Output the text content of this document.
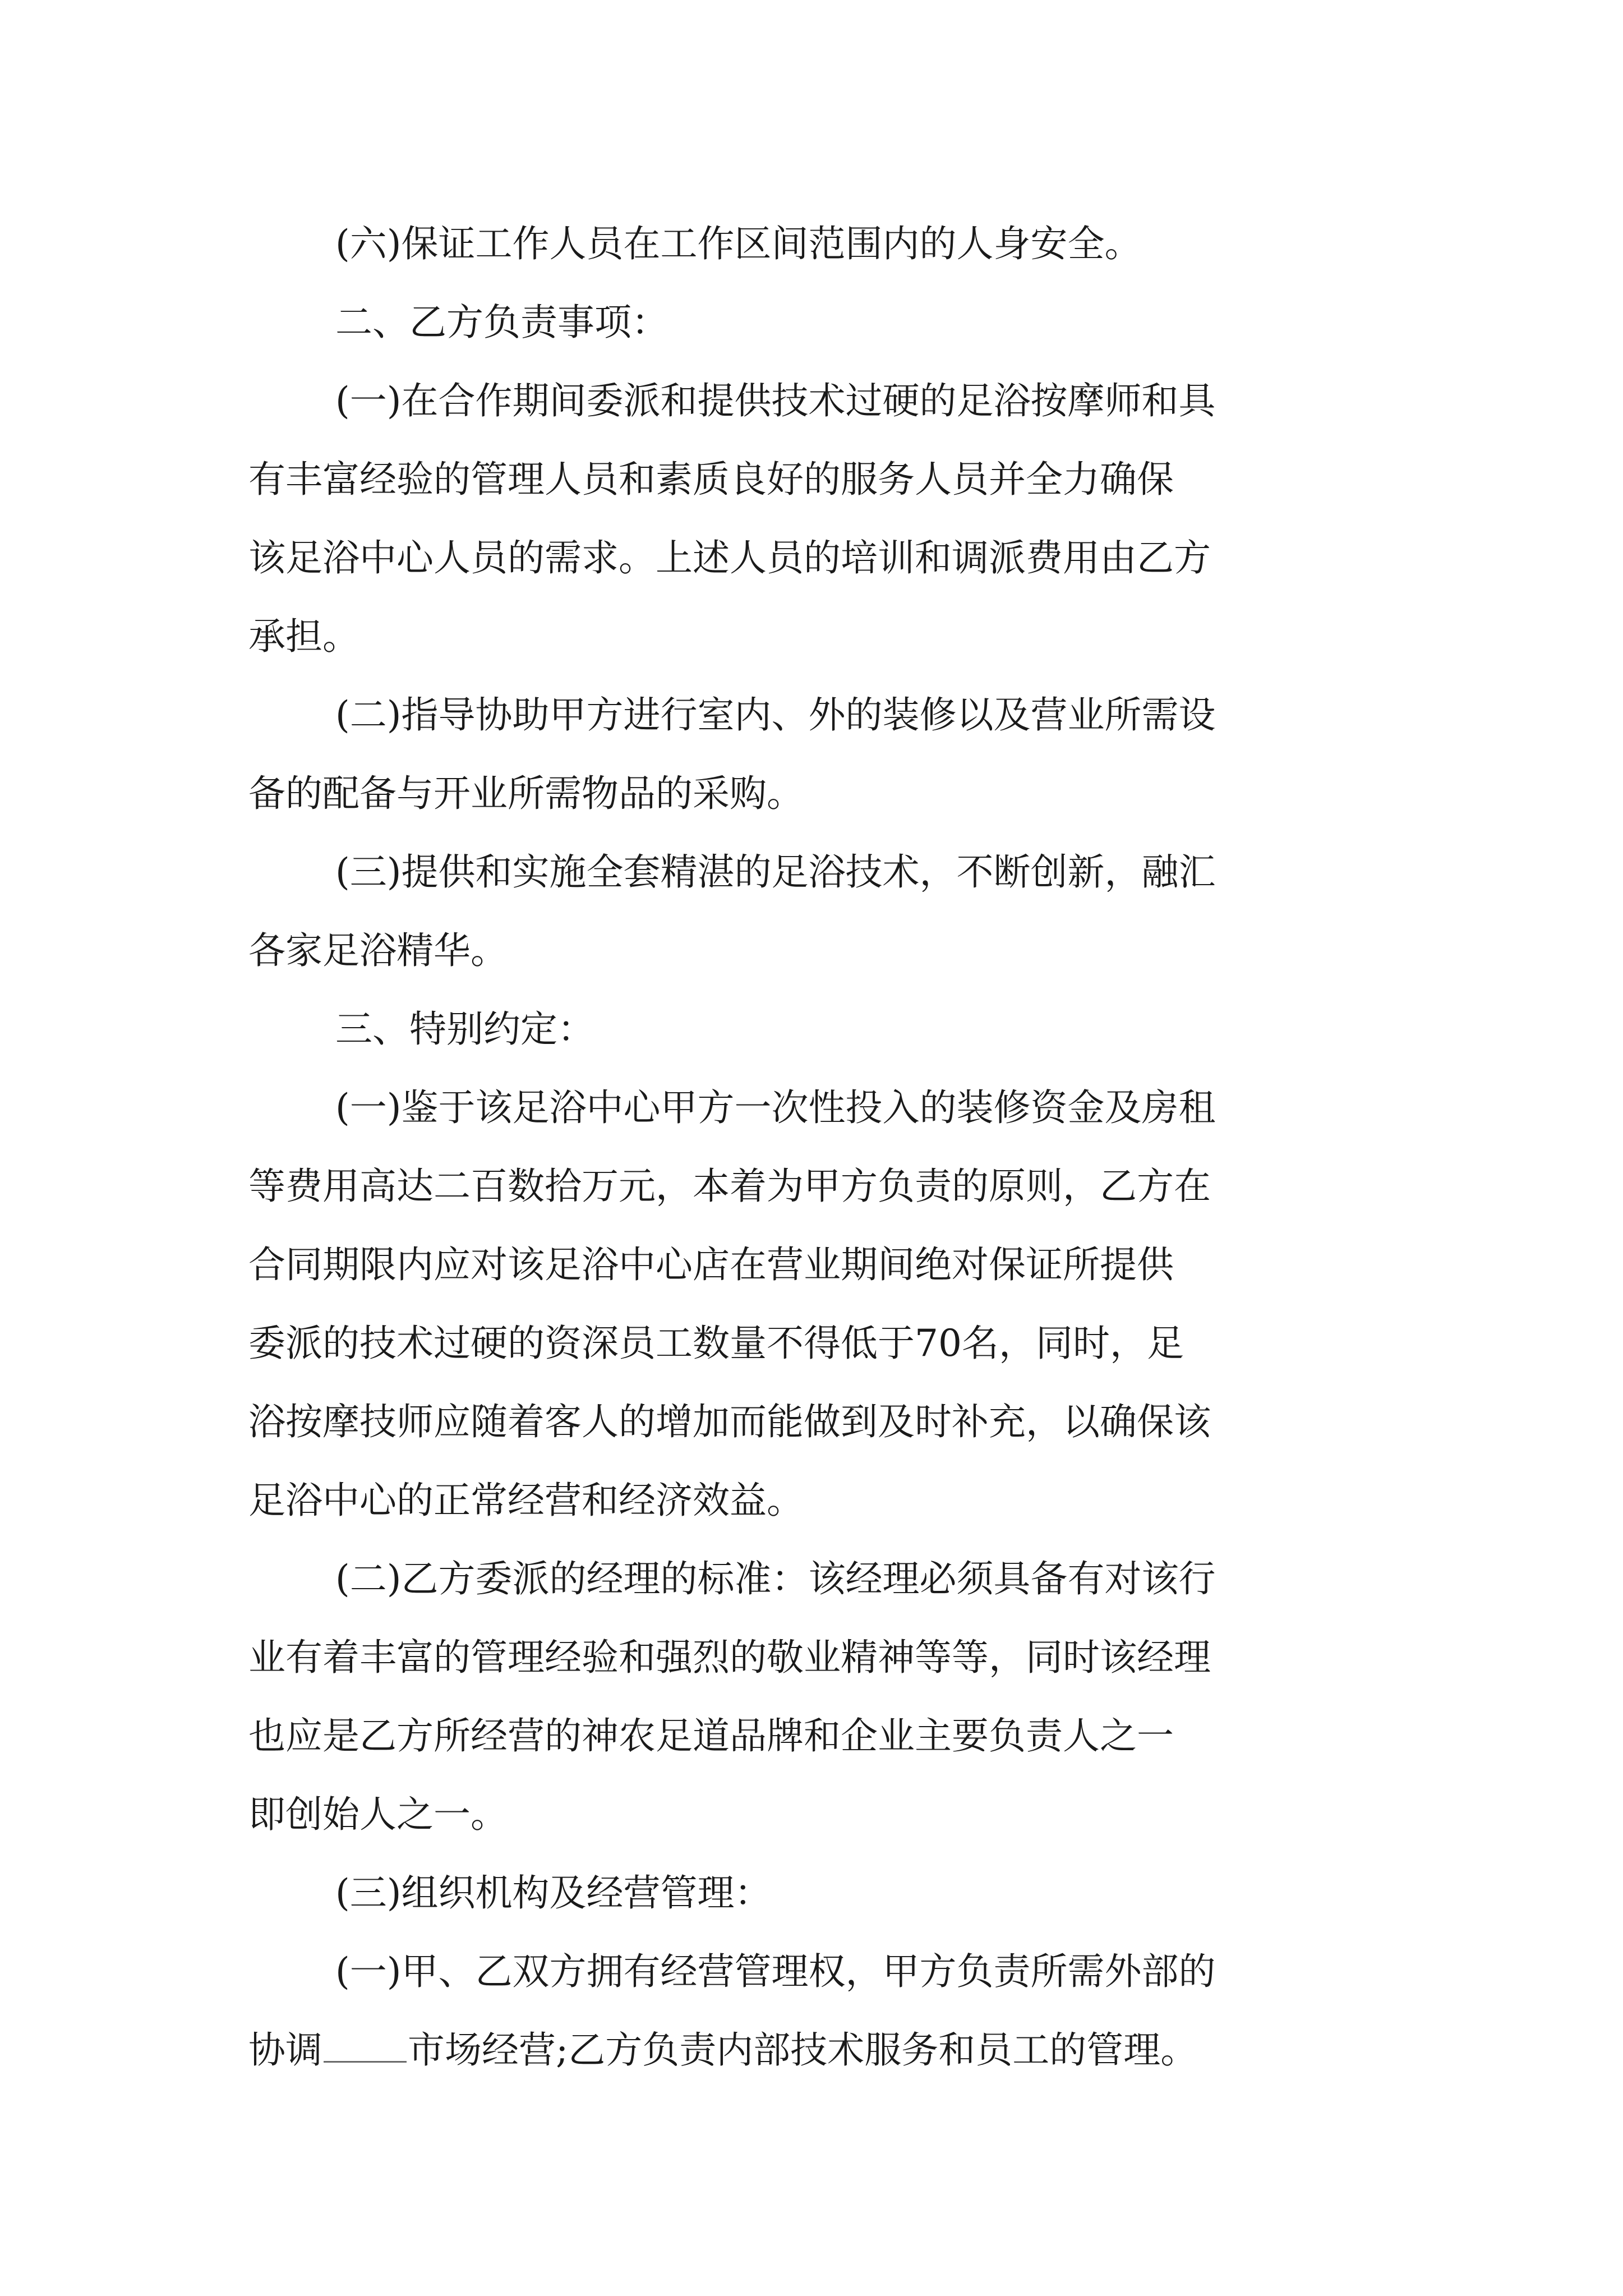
(六)保证工作人员在工作区间范围内的人身安全。

二、乙方负责事项：

(一)在合作期间委派和提供技术过硬的足浴按摩师和具

有丰富经验的管理人员和素质良好的服务人员并全力确保

该足浴中心人员的需求。上述人员的培训和调派费用由乙方

承担。

(二)指导协助甲方进行室内、外的装修以及营业所需设

备的配备与开业所需物品的采购。

(三)提供和实施全套精湛的足浴技术，不断创新，融汇

各家足浴精华。

三、特别约定：

(一)鉴于该足浴中心甲方一次性投入的装修资金及房租

等费用高达二百数拾万元，本着为甲方负责的原则，乙方在

合同期限内应对该足浴中心店在营业期间绝对保证所提供

委派的技术过硬的资深员工数量不得低于70名，同时，足

浴按摩技师应随着客人的增加而能做到及时补充，以确保该

足浴中心的正常经营和经济效益。

(二)乙方委派的经理的标准：该经理必须具备有对该行

业有着丰富的管理经验和强烈的敬业精神等等，同时该经理

也应是乙方所经营的神农足道品牌和企业主要负责人之一

即创始人之一。

(三)组织机构及经营管理：

(一)甲、乙双方拥有经营管理权，甲方负责所需外部的

协调 市场经营;乙方负责内部技术服务和员工的管理。
